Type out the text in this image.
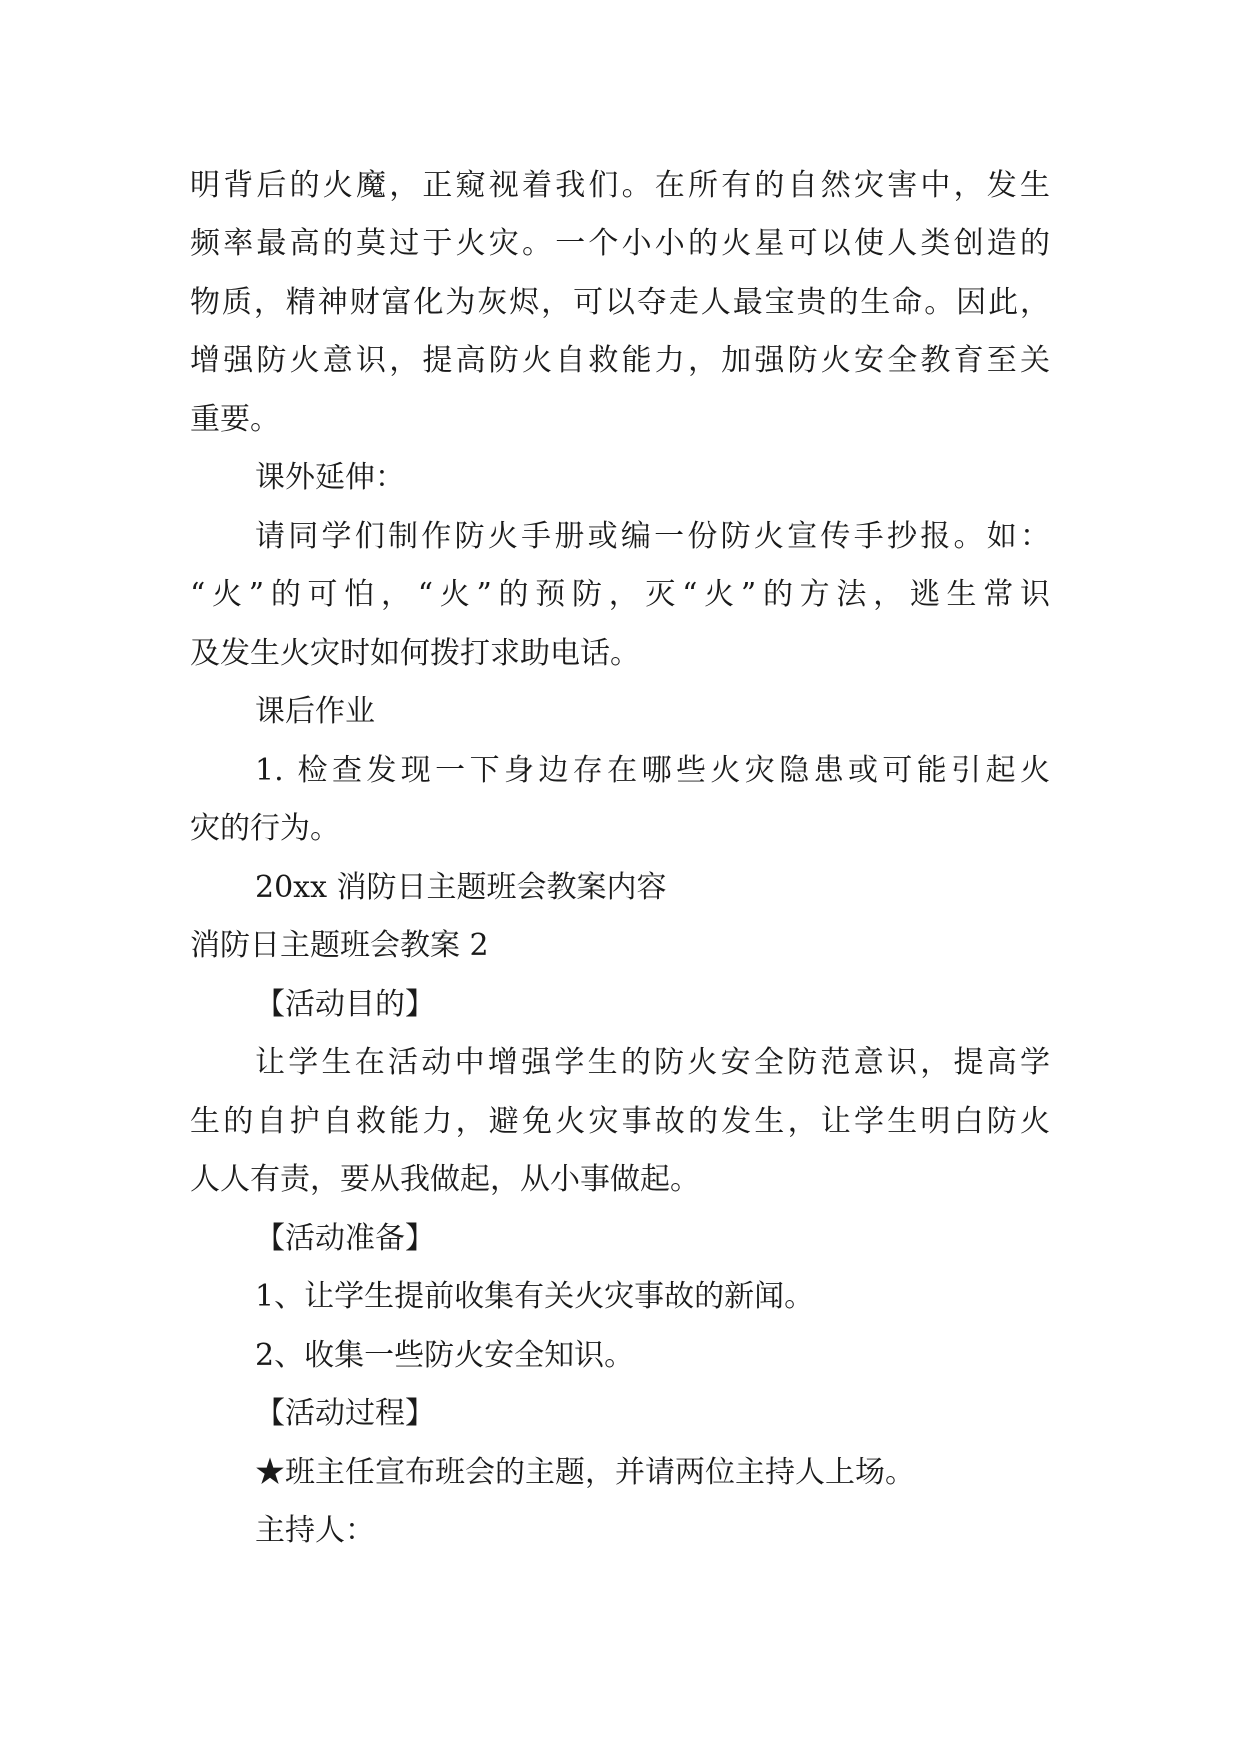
明背后的火魔，正窥视着我们。在所有的自然灾害中，发生

频率最高的莫过于火灾。一个小小的火星可以使人类创造的

物质，精神财富化为灰烬，可以夺走人最宝贵的生命。因此，

增强防火意识，提高防火自救能力，加强防火安全教育至关

重要。

课外延伸：

请同学们制作防火手册或编一份防火宣传手抄报。如：

“火”的可怕，“火”的预防，灭“火”的方法，逃生常识

及发生火灾时如何拨打求助电话。

课后作业

1. 检查发现一下身边存在哪些火灾隐患或可能引起火

灾的行为。

20xx 消防日主题班会教案内容

消防日主题班会教案 2

【活动目的】

让学生在活动中增强学生的防火安全防范意识，提高学

生的自护自救能力，避免火灾事故的发生，让学生明白防火

人人有责，要从我做起，从小事做起。

【活动准备】

1、让学生提前收集有关火灾事故的新闻。

2、收集一些防火安全知识。

【活动过程】

★班主任宣布班会的主题，并请两位主持人上场。

主持人：
